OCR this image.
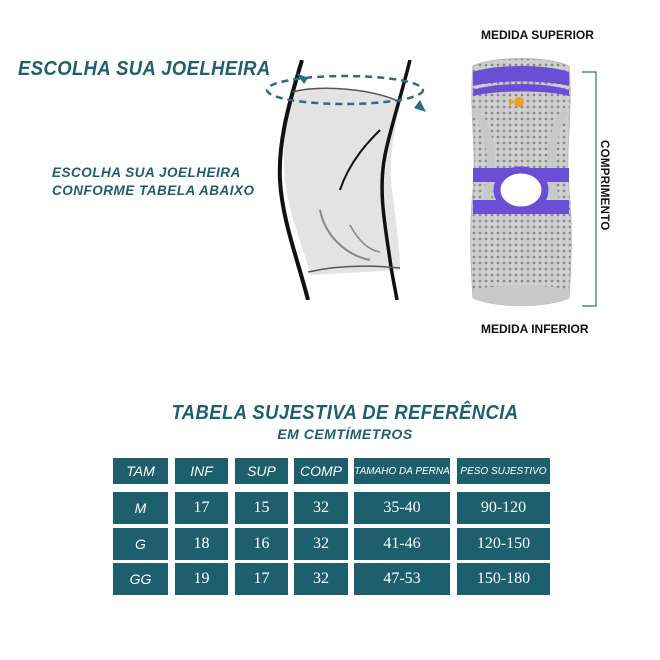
ESCOLHA SUA JOELHEIRA
ESCOLHA SUA JOELHEIRA
CONFORME TABELA ABAIXO
MEDIDA SUPERIOR
MEDIDA INFERIOR
COMPRIMENTO
TABELA SUJESTIVA DE REFERÊNCIA
EM CEMTÍMETROS
TAM	INF	SUP	COMP	TAMAHO DA PERNA	PESO SUJESTIVO
M	17	15	32	35-40	90-120
G	18	16	32	41-46	120-150
GG	19	17	32	47-53	150-180
